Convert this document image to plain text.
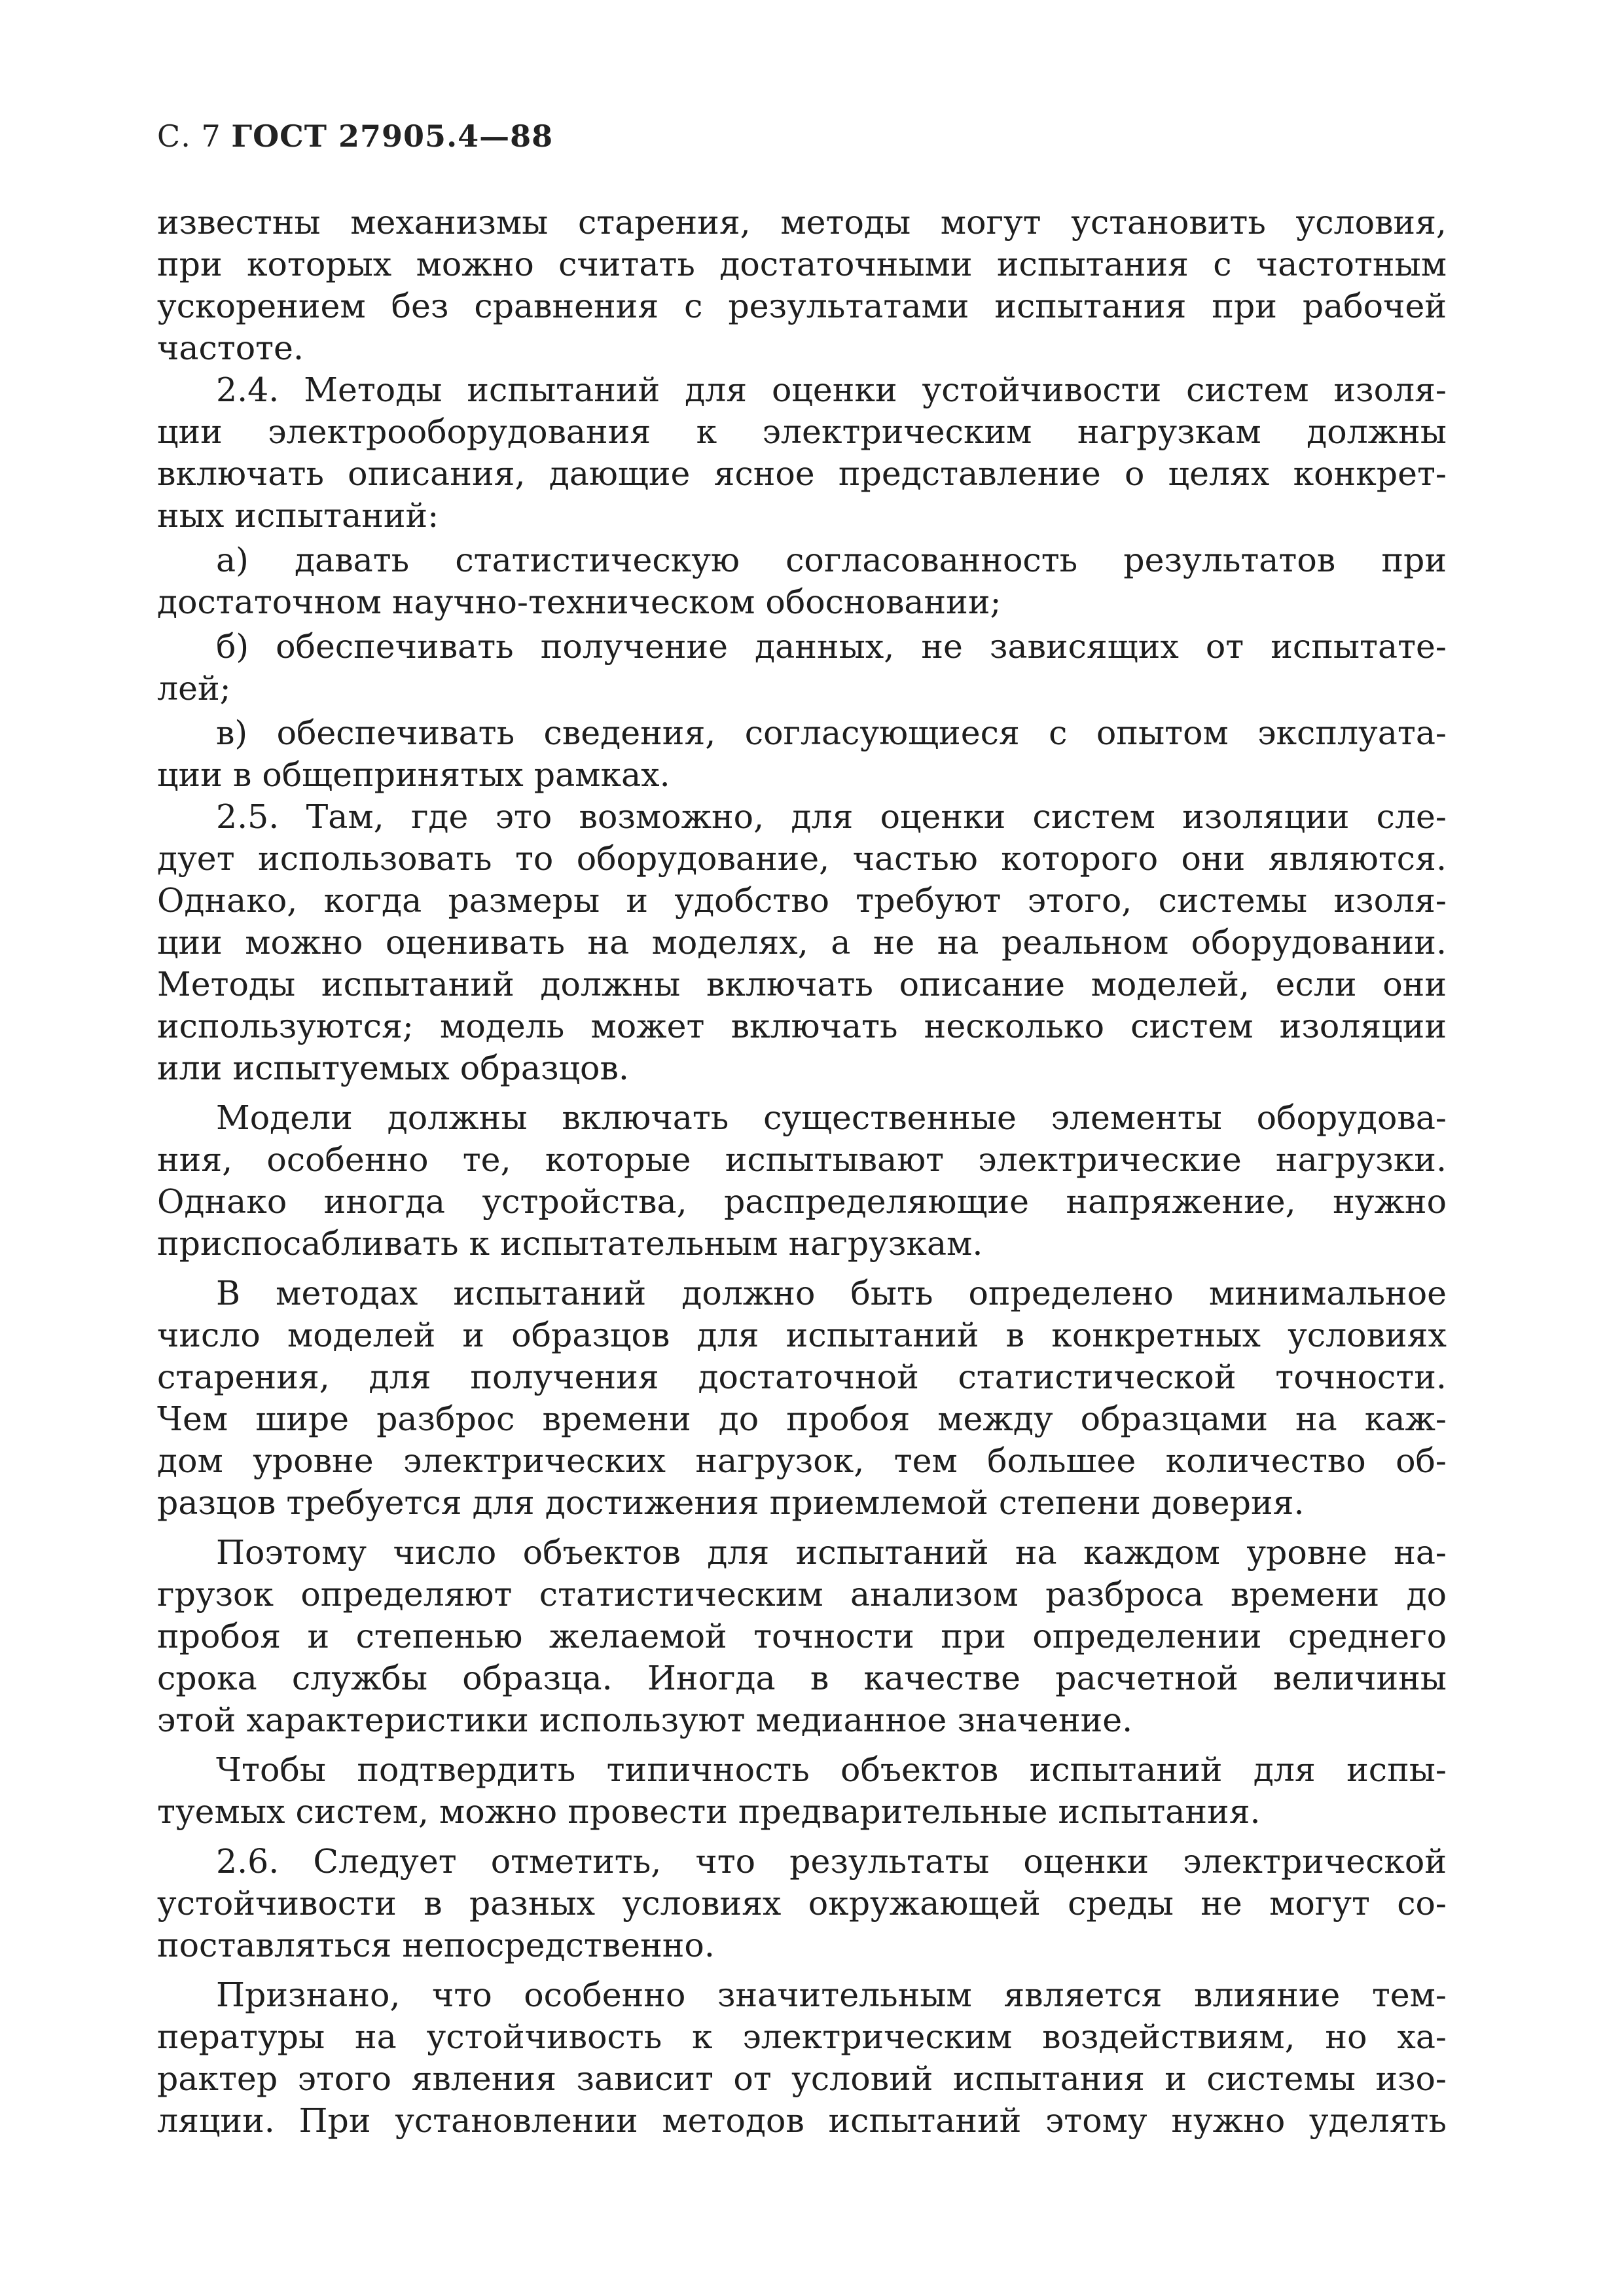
С. 7 ГОСТ 27905.4—88
известны механизмы старения, методы могут установить условия,
при которых можно считать достаточными испытания с частотным
ускорением без сравнения с результатами испытания при рабочей
частоте.
2.4. Методы испытаний для оценки устойчивости систем изоля-
ции электрооборудования к электрическим нагрузкам должны
включать описания, дающие ясное представление о целях конкрет-
ных испытаний:
а) давать статистическую согласованность результатов при
достаточном научно-техническом обосновании;
б) обеспечивать получение данных, не зависящих от испытате-
лей;
в) обеспечивать сведения, согласующиеся с опытом эксплуата-
ции в общепринятых рамках.
2.5. Там, где это возможно, для оценки систем изоляции сле-
дует использовать то оборудование, частью которого они являются.
Однако, когда размеры и удобство требуют этого, системы изоля-
ции можно оценивать на моделях, а не на реальном оборудовании.
Методы испытаний должны включать описание моделей, если они
используются; модель может включать несколько систем изоляции
или испытуемых образцов.
Модели должны включать существенные элементы оборудова-
ния, особенно те, которые испытывают электрические нагрузки.
Однако иногда устройства, распределяющие напряжение, нужно
приспосабливать к испытательным нагрузкам.
В методах испытаний должно быть определено минимальное
число моделей и образцов для испытаний в конкретных условиях
старения, для получения достаточной статистической точности.
Чем шире разброс времени до пробоя между образцами на каж-
дом уровне электрических нагрузок, тем большее количество об-
разцов требуется для достижения приемлемой степени доверия.
Поэтому число объектов для испытаний на каждом уровне на-
грузок определяют статистическим анализом разброса времени до
пробоя и степенью желаемой точности при определении среднего
срока службы образца. Иногда в качестве расчетной величины
этой характеристики используют медианное значение.
Чтобы подтвердить типичность объектов испытаний для испы-
туемых систем, можно провести предварительные испытания.
2.6. Следует отметить, что результаты оценки электрической
устойчивости в разных условиях окружающей среды не могут со-
поставляться непосредственно.
Признано, что особенно значительным является влияние тем-
пературы на устойчивость к электрическим воздействиям, но ха-
рактер этого явления зависит от условий испытания и системы изо-
ляции. При установлении методов испытаний этому нужно уделять
